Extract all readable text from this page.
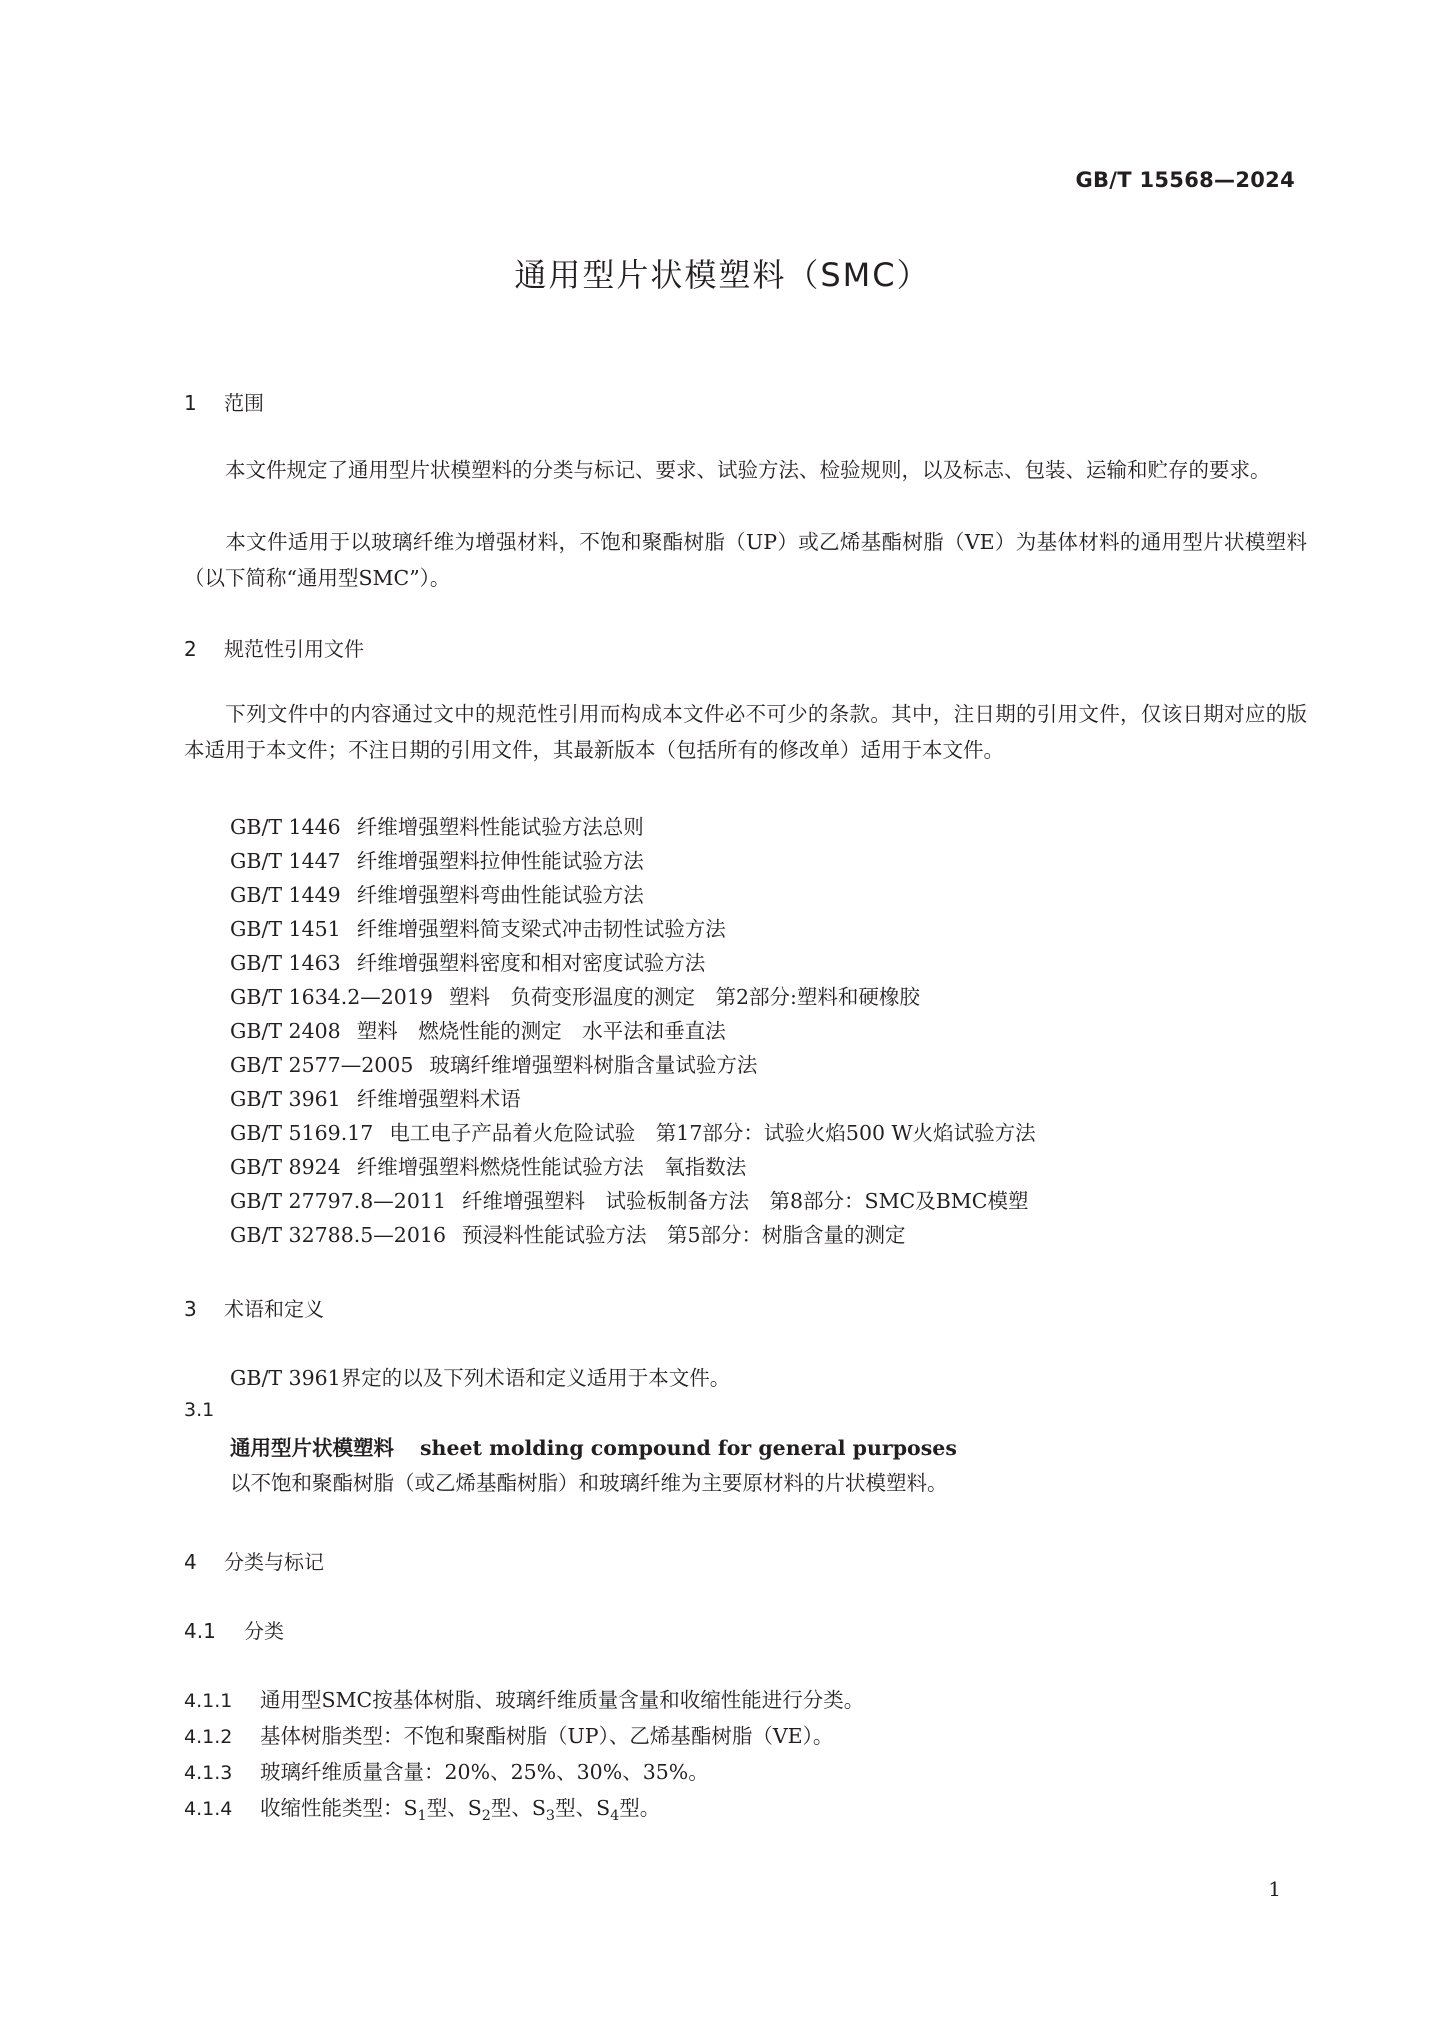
GB/T 15568—2024
通用型片状模塑料（SMC）
1 范围
本文件规定了通用型片状模塑料的分类与标记、要求、试验方法、检验规则，以及标志、包装、运输和贮存的要求。
本文件适用于以玻璃纤维为增强材料，不饱和聚酯树脂（UP）或乙烯基酯树脂（VE）为基体材料的通用型片状模塑料（以下简称“通用型SMC”）。
2 规范性引用文件
下列文件中的内容通过文中的规范性引用而构成本文件必不可少的条款。其中，注日期的引用文件，仅该日期对应的版本适用于本文件；不注日期的引用文件，其最新版本（包括所有的修改单）适用于本文件。
GB/T 1446 纤维增强塑料性能试验方法总则
GB/T 1447 纤维增强塑料拉伸性能试验方法
GB/T 1449 纤维增强塑料弯曲性能试验方法
GB/T 1451 纤维增强塑料简支梁式冲击韧性试验方法
GB/T 1463 纤维增强塑料密度和相对密度试验方法
GB/T 1634.2—2019 塑料　负荷变形温度的测定　第2部分:塑料和硬橡胶
GB/T 2408 塑料　燃烧性能的测定　水平法和垂直法
GB/T 2577—2005 玻璃纤维增强塑料树脂含量试验方法
GB/T 3961 纤维增强塑料术语
GB/T 5169.17 电工电子产品着火危险试验　第17部分：试验火焰500 W火焰试验方法
GB/T 8924 纤维增强塑料燃烧性能试验方法　氧指数法
GB/T 27797.8—2011 纤维增强塑料　试验板制备方法　第8部分：SMC及BMC模塑
GB/T 32788.5—2016 预浸料性能试验方法　第5部分：树脂含量的测定
3 术语和定义
GB/T 3961界定的以及下列术语和定义适用于本文件。
3.1
通用型片状模塑料 sheet molding compound for general purposes
以不饱和聚酯树脂（或乙烯基酯树脂）和玻璃纤维为主要原材料的片状模塑料。
4 分类与标记
4.1 分类
4.1.1 通用型SMC按基体树脂、玻璃纤维质量含量和收缩性能进行分类。
4.1.2 基体树脂类型：不饱和聚酯树脂（UP）、乙烯基酯树脂（VE）。
4.1.3 玻璃纤维质量含量：20%、25%、30%、35%。
4.1.4 收缩性能类型：$S_1$型、$S_2$型、$S_3$型、$S_4$型。
1
